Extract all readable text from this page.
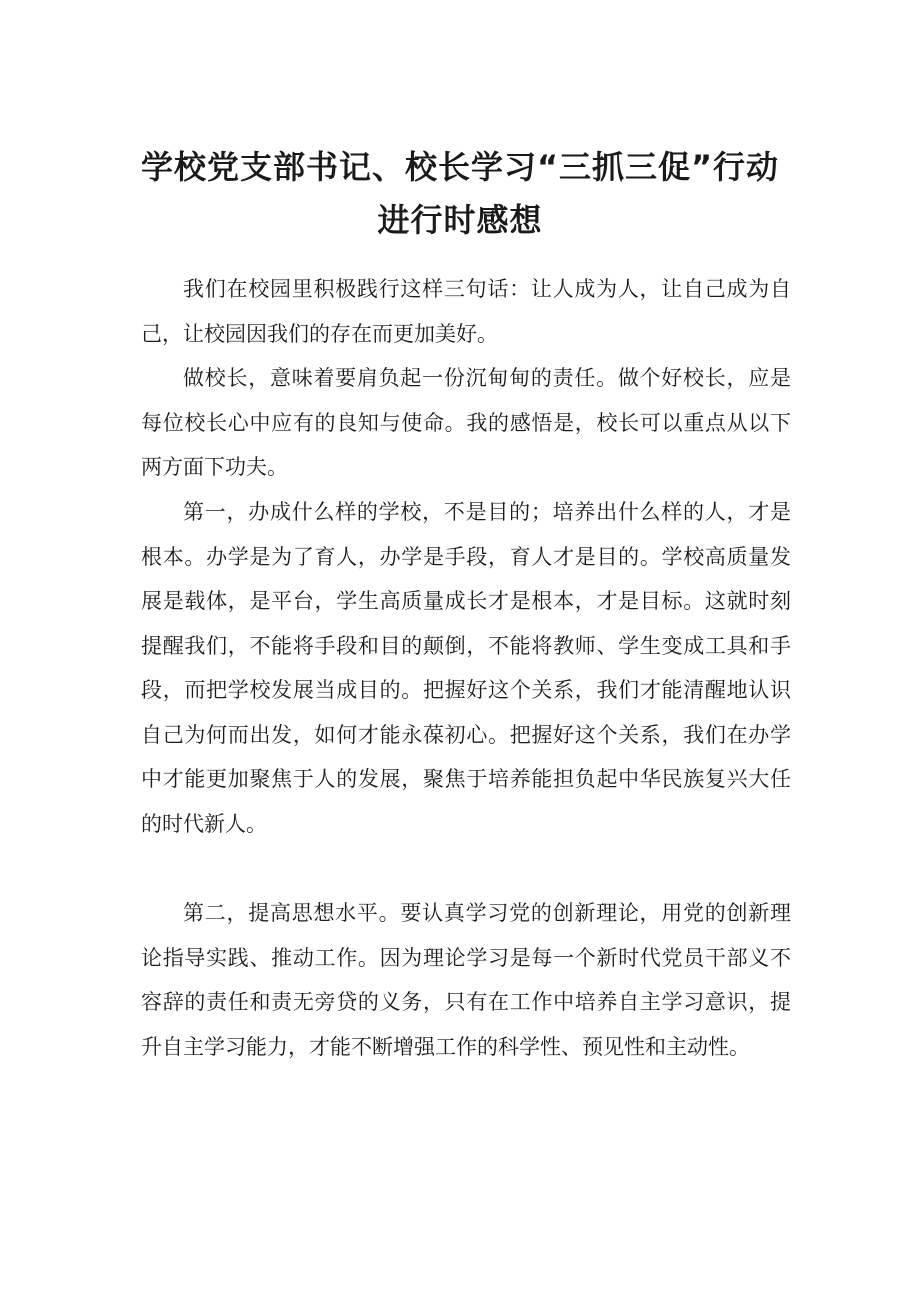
学校党支部书记、校长学习“三抓三促”行动
进行时感想

我们在校园里积极践行这样三句话：让人成为人，让自己成为自己，让校园因我们的存在而更加美好。

做校长，意味着要肩负起一份沉甸甸的责任。做个好校长，应是每位校长心中应有的良知与使命。我的感悟是，校长可以重点从以下两方面下功夫。

第一，办成什么样的学校，不是目的；培养出什么样的人，才是根本。办学是为了育人，办学是手段，育人才是目的。学校高质量发展是载体，是平台，学生高质量成长才是根本，才是目标。这就时刻提醒我们，不能将手段和目的颠倒，不能将教师、学生变成工具和手段，而把学校发展当成目的。把握好这个关系，我们才能清醒地认识自己为何而出发，如何才能永葆初心。把握好这个关系，我们在办学中才能更加聚焦于人的发展，聚焦于培养能担负起中华民族复兴大任的时代新人。

第二，提高思想水平。要认真学习党的创新理论，用党的创新理论指导实践、推动工作。因为理论学习是每一个新时代党员干部义不容辞的责任和责无旁贷的义务，只有在工作中培养自主学习意识，提升自主学习能力，才能不断增强工作的科学性、预见性和主动性。
